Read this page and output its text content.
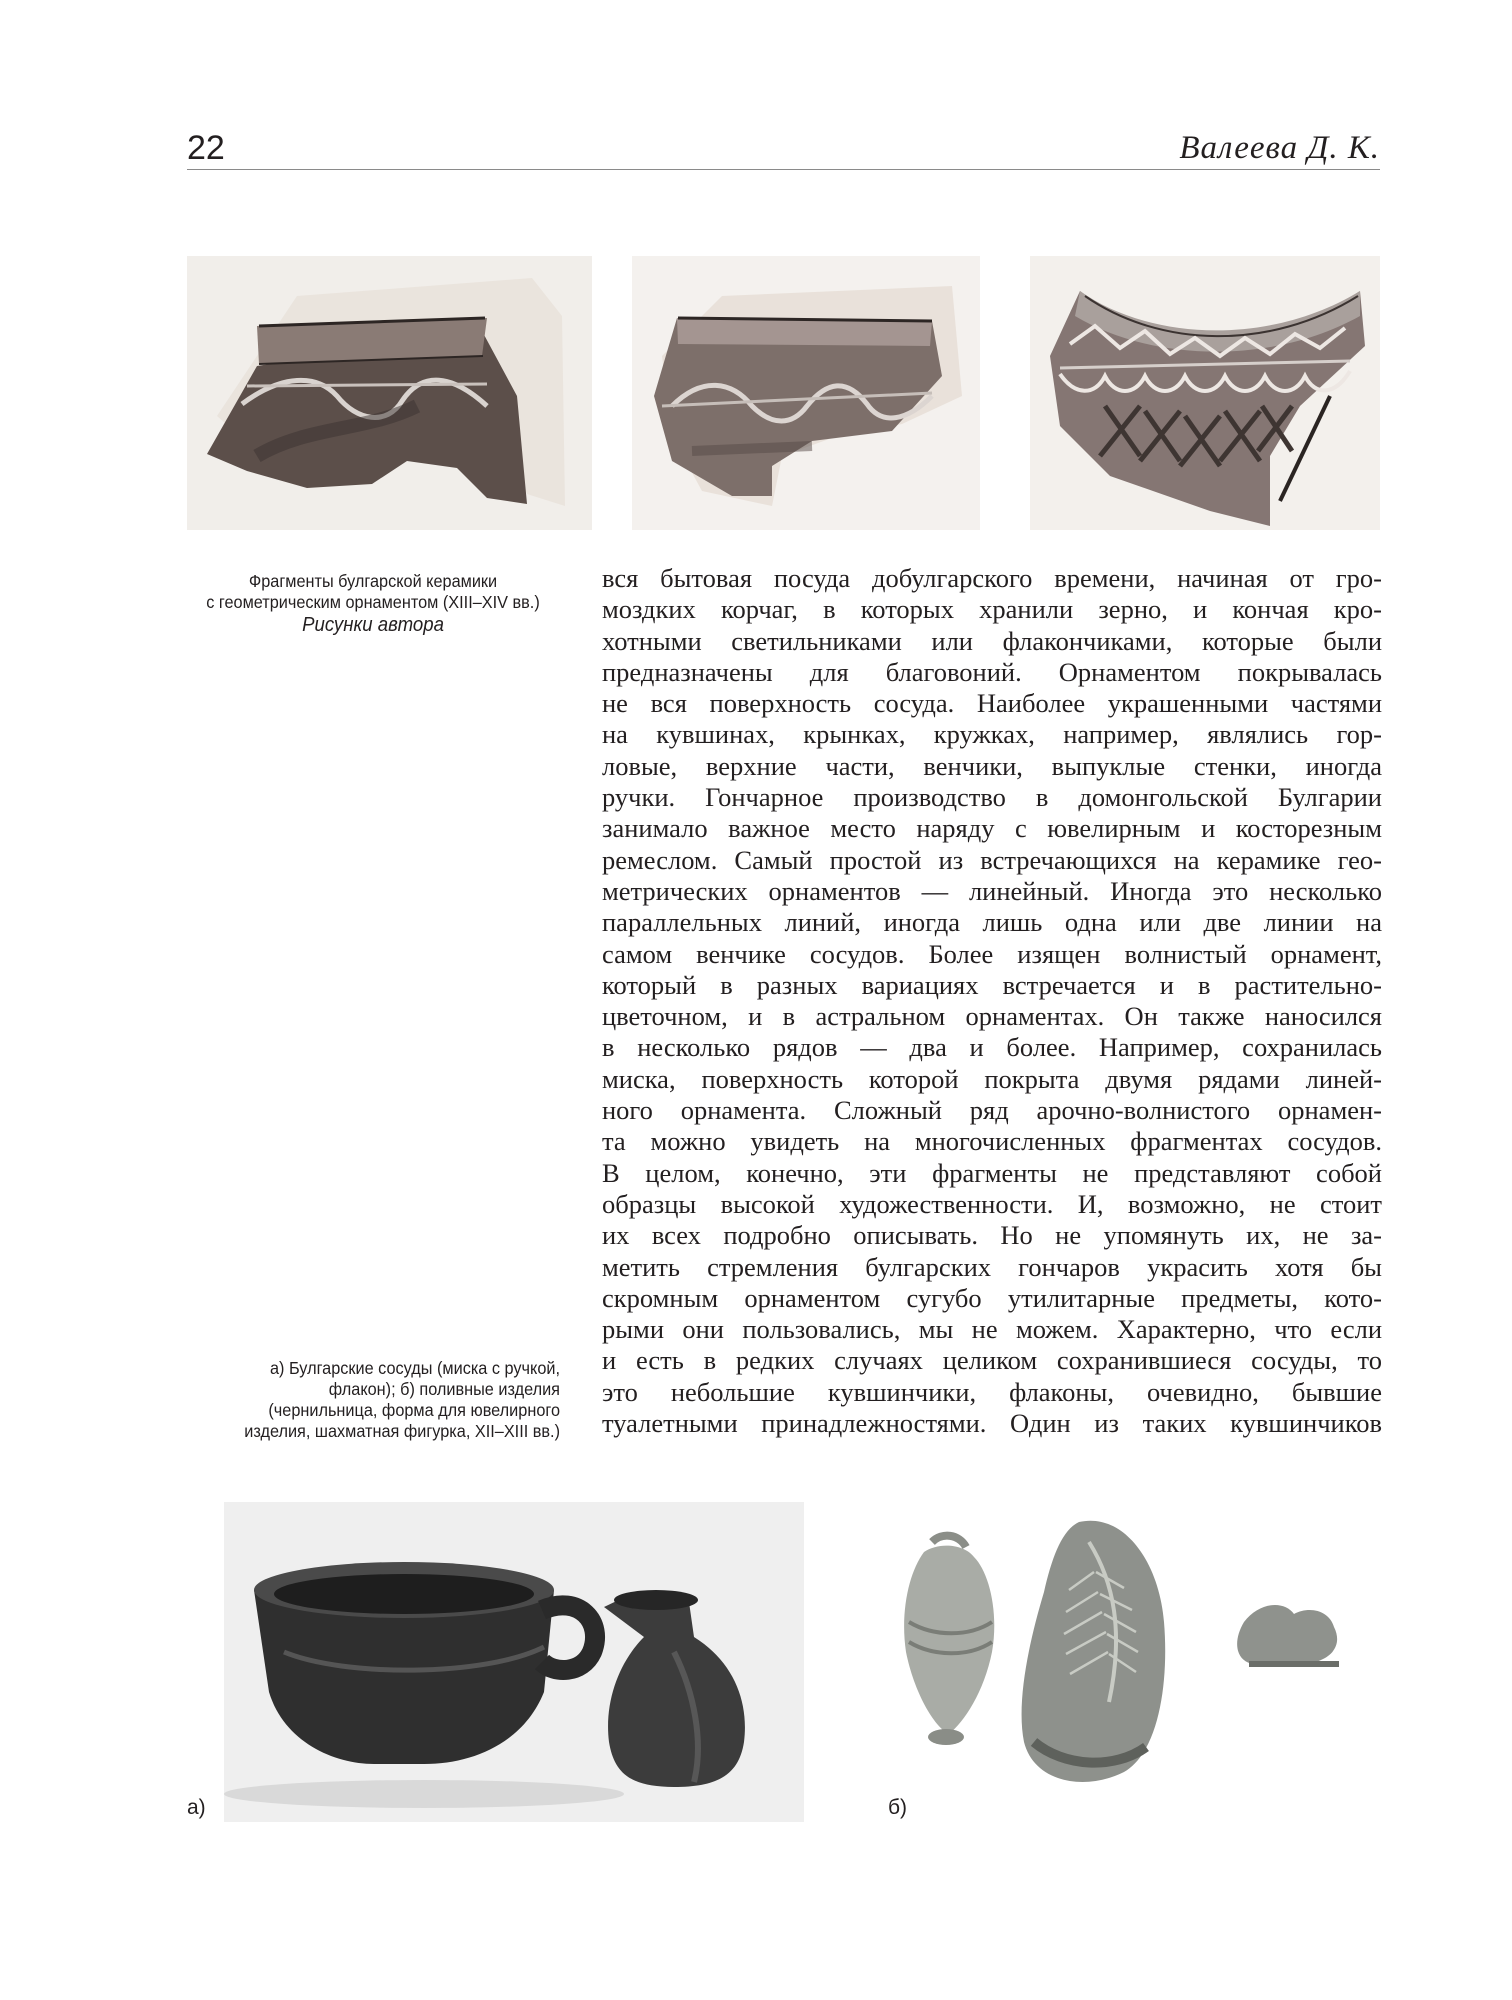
22	Валеева Д. К.
Фрагменты булгарской керамики
с геометрическим орнаментом (XIII–XIV вв.)
Рисунки автора
вся бытовая посуда добулгарского времени, начиная от гро-
моздких корчаг, в которых хранили зерно, и кончая кро-
хотными светильниками или флакончиками, которые были
предназначены для благовоний. Орнаментом покрывалась
не вся поверхность сосуда. Наиболее украшенными частями
на кувшинах, крынках, кружках, например, являлись гор-
ловые, верхние части, венчики, выпуклые стенки, иногда
ручки. Гончарное производство в домонгольской Булгарии
занимало важное место наряду с ювелирным и косторезным
ремеслом. Самый простой из встречающихся на керамике гео-
метрических орнаментов — линейный. Иногда это несколько
параллельных линий, иногда лишь одна или две линии на
самом венчике сосудов. Более изящен волнистый орнамент,
который в разных вариациях встречается и в растительно-
цветочном, и в астральном орнаментах. Он также наносился
в несколько рядов — два и более. Например, сохранилась
миска, поверхность которой покрыта двумя рядами линей-
ного орнамента. Сложный ряд арочно-волнистого орнамен-
та можно увидеть на многочисленных фрагментах сосудов.
В целом, конечно, эти фрагменты не представляют собой
образцы высокой художественности. И, возможно, не стоит
их всех подробно описывать. Но не упомянуть их, не за-
метить стремления булгарских гончаров украсить хотя бы
скромным орнаментом сугубо утилитарные предметы, кото-
рыми они пользовались, мы не можем. Характерно, что если
и есть в редких случаях целиком сохранившиеся сосуды, то
это небольшие кувшинчики, флаконы, очевидно, бывшие
туалетными принадлежностями. Один из таких кувшинчиков
а) Булгарские сосуды (миска с ручкой,
флакон); б) поливные изделия
(чернильница, форма для ювелирного
изделия, шахматная фигурка, XII–XIII вв.)
а)	б)
